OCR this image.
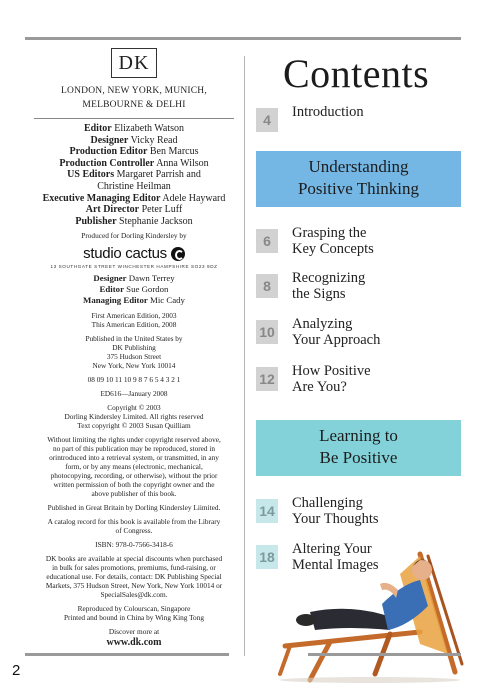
DK
LONDON, NEW YORK, MUNICH,
MELBOURNE & DELHI
Editor Elizabeth Watson
Designer Vicky Read
Production Editor Ben Marcus
Production Controller Anna Wilson
US Editors Margaret Parrish and
Christine Heilman
Executive Managing Editor Adele Hayward
Art Director Peter Luff
Publisher Stephanie Jackson
Produced for Dorling Kindersley by
studio cactus
13 SOUTHGATE STREET WINCHESTER HAMPSHIRE SO23 9DZ
Designer Dawn Terrey
Editor Sue Gordon
Managing Editor Mic Cady
First American Edition, 2003
This American Edition, 2008
Published in the United States by
DK Publishing
375 Hudson Street
New York, New York 10014
08 09 10 11 10 9 8 7 6 5 4 3 2 1
ED616—January 2008
Copyright © 2003
Dorling Kindersley Limited. All rights reserved
Text copyright © 2003 Susan Quilliam
Without limiting the rights under copyright reserved above,
no part of this publication may be reproduced, stored in
orintroduced into a retrieval system, or transmitted, in any
form, or by any means (electronic, mechanical,
photocopying, recording, or otherwise), without the prior
written permission of both the copyright owner and the
above publisher of this book.
Published in Great Britain by Dorling Kindersley Liimited.
A catalog record for this book is available from the Library
of Congress.
ISBN: 978-0-7566-3418-6
DK books are available at special discounts when purchased
in bulk for sales promotions, premiums, fund-raising, or
educational use. For details, contact: DK Publishing Special
Markets, 375 Hudson Street, New York, New York 10014 or
SpecialSales@dk.com.
Reproduced by Colourscan, Singapore
Printed and bound in China by Wing King Tong
Discover more at
www.dk.com
Contents
4	Introduction
Understanding
Positive Thinking
6	Grasping the
Key Concepts
8	Recognizing
the Signs
10 Analyzing
Your Approach
12 How Positive
Are You?
Learning to
Be Positive
14 Challenging
Your Thoughts
18 Altering Your
Mental Images
2
